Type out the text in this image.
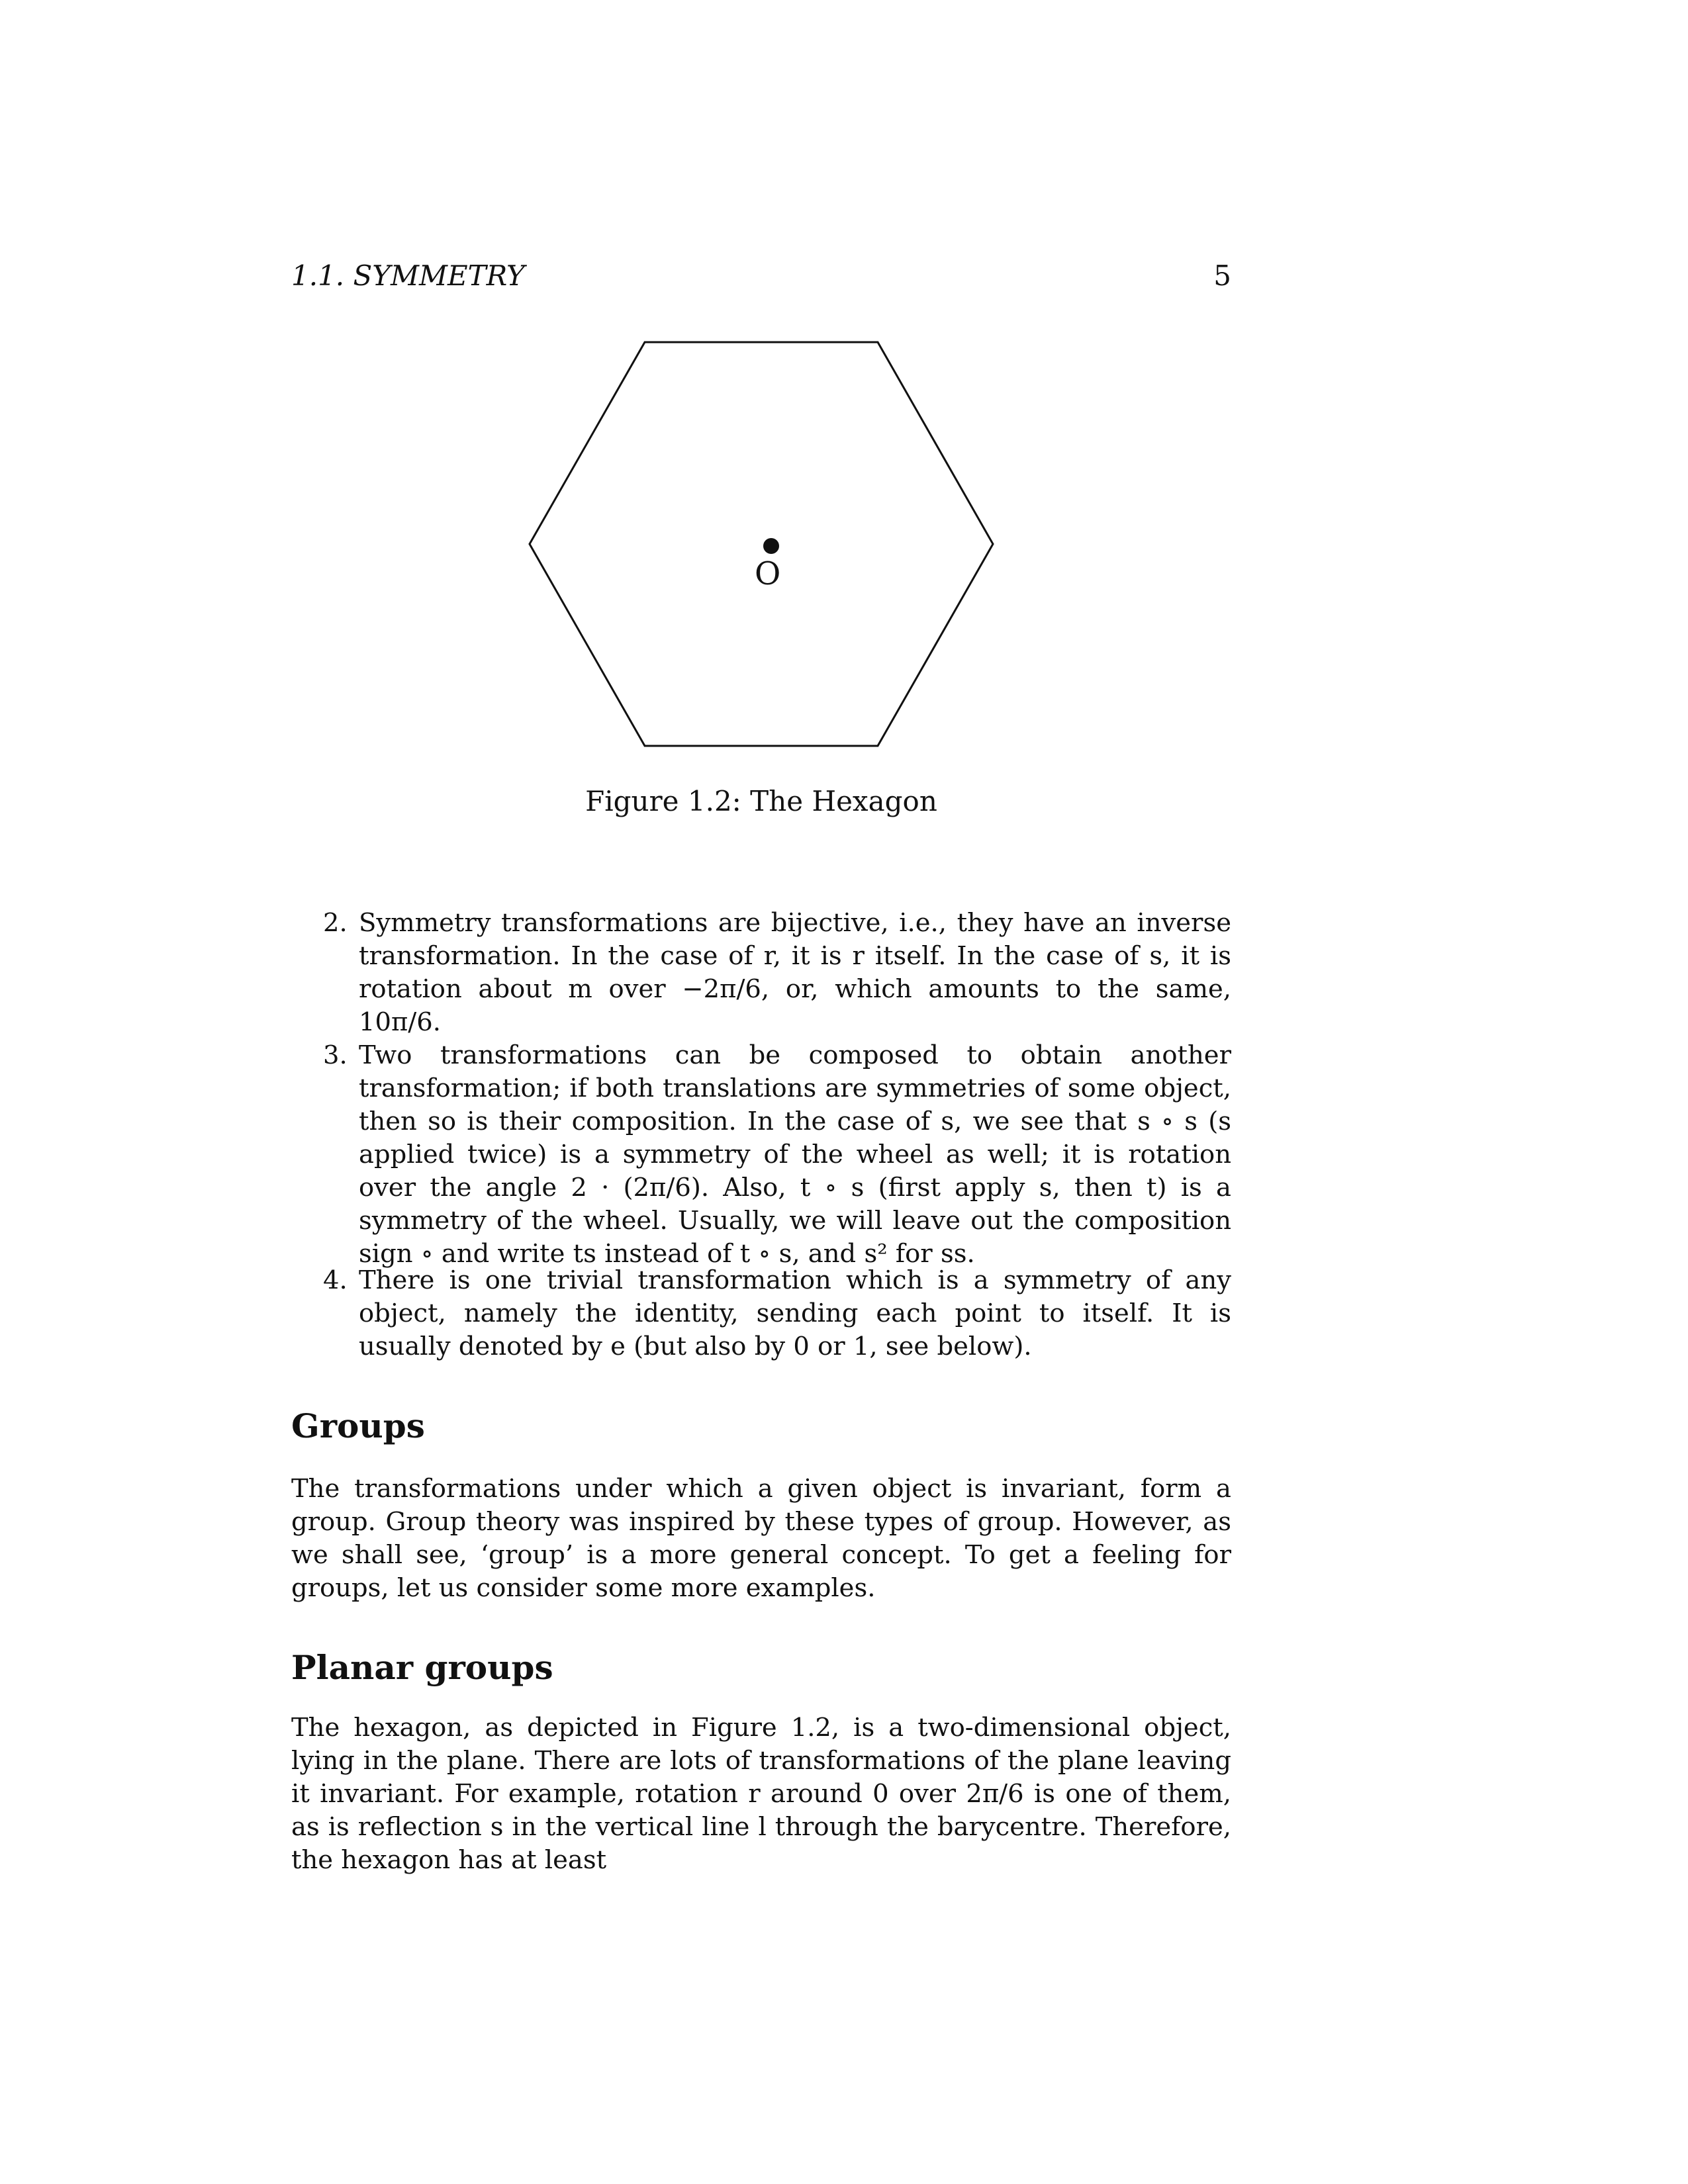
1.1. SYMMETRY	5
O
Figure 1.2: The Hexagon
2. Symmetry transformations are bijective, i.e., they have an inverse transformation. In the case of r, it is r itself. In the case of s, it is rotation about m over −2π/6, or, which amounts to the same, 10π/6.
3. Two transformations can be composed to obtain another transformation; if both translations are symmetries of some object, then so is their composition. In the case of s, we see that s ∘ s (s applied twice) is a symmetry of the wheel as well; it is rotation over the angle 2 · (2π/6). Also, t ∘ s (first apply s, then t) is a symmetry of the wheel. Usually, we will leave out the composition sign ∘ and write ts instead of t ∘ s, and s² for ss.
4. There is one trivial transformation which is a symmetry of any object, namely the identity, sending each point to itself. It is usually denoted by e (but also by 0 or 1, see below).
Groups
The transformations under which a given object is invariant, form a group. Group theory was inspired by these types of group. However, as we shall see, ‘group’ is a more general concept. To get a feeling for groups, let us consider some more examples.
Planar groups
The hexagon, as depicted in Figure 1.2, is a two-dimensional object, lying in the plane. There are lots of transformations of the plane leaving it invariant. For example, rotation r around 0 over 2π/6 is one of them, as is reflection s in the vertical line l through the barycentre. Therefore, the hexagon has at least
